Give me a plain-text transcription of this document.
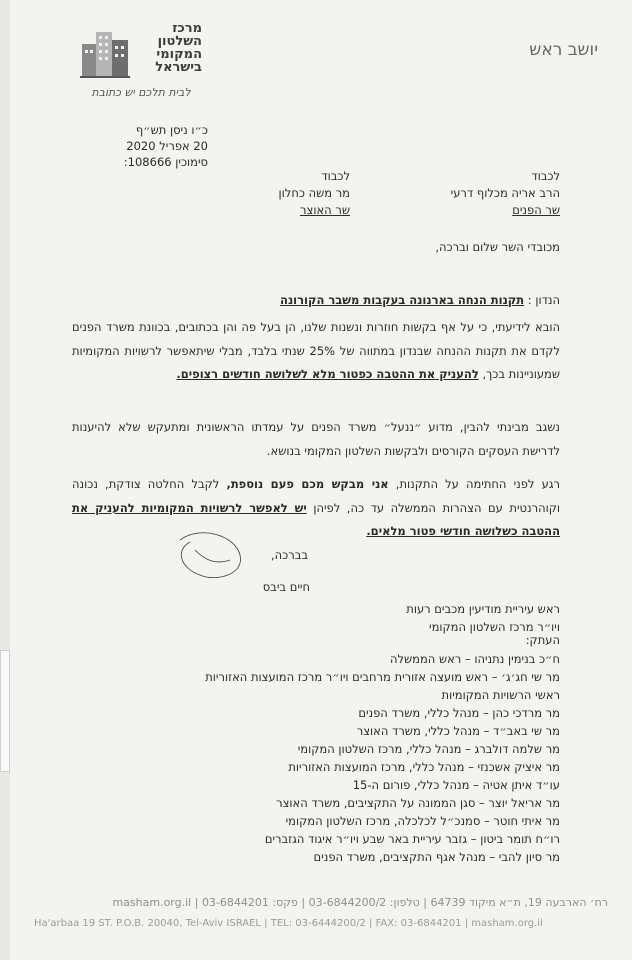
מרכז
השלטון
המקומי
בישראל
לבית תלכם יש כתובת
יושב ראש
כ״ו ניסן תש״ף
20 אפריל 2020
סימוכין 108666:
לכבוד
הרב אריה מכלוף דרעי
שר הפנים
לכבוד
מר משה כחלון
שר האוצר
מכובדי השר שלום וברכה,
הנדון : תקנות הנחה בארנונה בעקבות משבר הקורונה
הובא לידיעתי, כי על אף בקשות חוזרות ונשנות שלנו, הן בעל פה והן בכתובים, בכוונת משרד הפנים לקדם את תקנות ההנחה שבנדון במתווה של 25% שנתי בלבד, מבלי שיתאפשר לרשויות המקומיות שמעוניינות בכך, להעניק את ההטבה כפטור מלא לשלושה חודשים רצופים.
נשגב מבינתי להבין, מדוע ״ננעל״ משרד הפנים על עמדתו הראשונית ומתעקש שלא להיענות לדרישת העסקים הקורסים ולבקשות השלטון המקומי בנושא.
רגע לפני החתימה על התקנות, אני מבקש מכם פעם נוספת, לקבל החלטה צודקת, נכונה וקוהרנטית עם הצהרות הממשלה עד כה, לפיהן יש לאפשר לרשויות המקומיות להעניק את ההטבה כשלושה חודשי פטור מלאים.
בברכה,
חיים ביבס
ראש עיריית מודיעין מכבים רעות
ויו״ר מרכז השלטון המקומי
העתק:
ח״כ בנימין נתניהו – ראש הממשלה
מר שי חג׳ג׳ – ראש מועצה אזורית מרחבים ויו״ר מרכז המועצות האזוריות
ראשי הרשויות המקומיות
מר מרדכי כהן – מנהל כללי, משרד הפנים
מר שי באב״ד – מנהל כללי, משרד האוצר
מר שלמה דולברג – מנהל כללי, מרכז השלטון המקומי
מר איציק אשכנזי – מנהל כללי, מרכז המועצות האזוריות
עו״ד איתן אטיה – מנהל כללי, פורום ה-15
מר אריאל יוצר – סגן הממונה על התקציבים, משרד האוצר
מר איתי חוטר – סמנכ״ל לכלכלה, מרכז השלטון המקומי
רו״ח תומר ביטון – גזבר עיריית באר שבע ויו״ר איגוד הגזברים
מר סיון להבי – מנהל אגף התקציבים, משרד הפנים
רח׳ הארבעה 19, ת״א מיקוד 64739 | טלפון: 03-6844200/2 | פקס: 03-6844201 | masham.org.il
Ha'arbaa 19 ST. P.O.B. 20040, Tel-Aviv ISRAEL | TEL: 03-6444200/2 | FAX: 03-6844201 | masham.org.il
